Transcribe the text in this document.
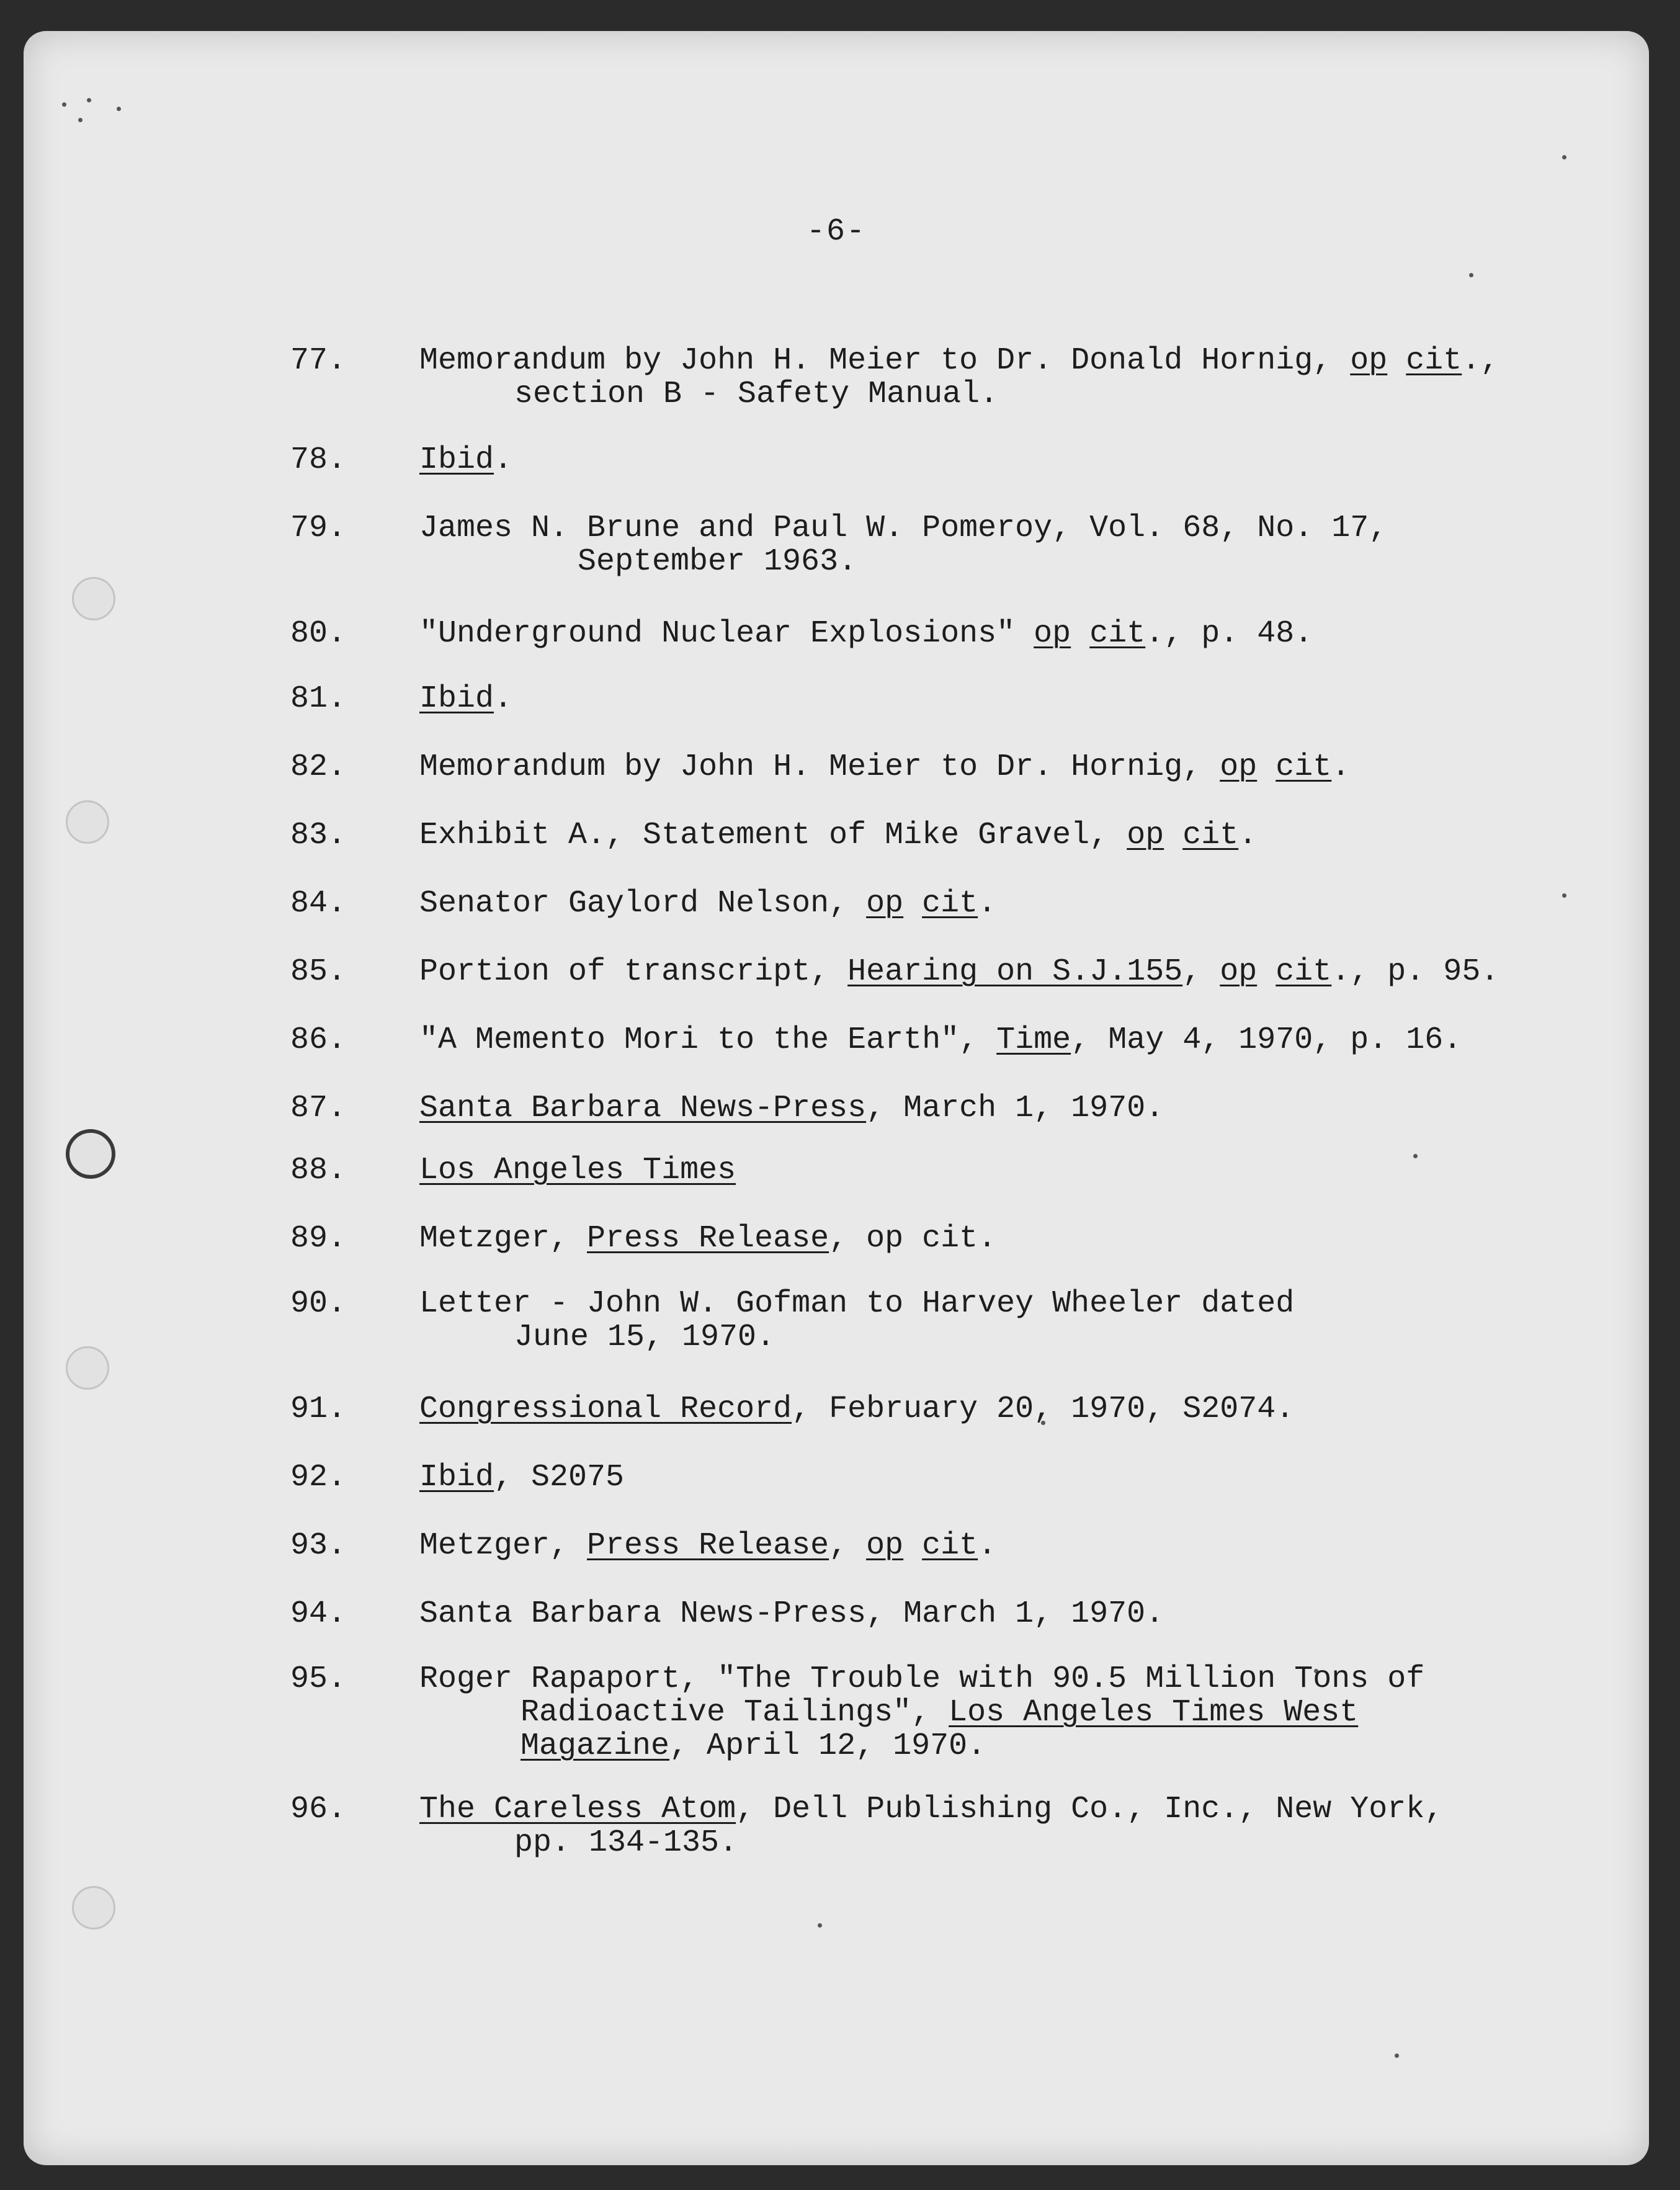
-6-
77. Memorandum by John H. Meier to Dr. Donald Hornig, op cit.,
section B - Safety Manual.
78. Ibid.
79. James N. Brune and Paul W. Pomeroy, Vol. 68, No. 17,
September 1963.
80. "Underground Nuclear Explosions" op cit., p. 48.
81. Ibid.
82. Memorandum by John H. Meier to Dr. Hornig, op cit.
83. Exhibit A., Statement of Mike Gravel, op cit.
84. Senator Gaylord Nelson, op cit.
85. Portion of transcript, Hearing on S.J.155, op cit., p. 95.
86. "A Memento Mori to the Earth", Time, May 4, 1970, p. 16.
87. Santa Barbara News-Press, March 1, 1970.
88. Los Angeles Times
89. Metzger, Press Release, op cit.
90. Letter - John W. Gofman to Harvey Wheeler dated
June 15, 1970.
91. Congressional Record, February 20, 1970, S2074.
92. Ibid, S2075
93. Metzger, Press Release, op cit.
94. Santa Barbara News-Press, March 1, 1970.
95. Roger Rapaport, "The Trouble with 90.5 Million Tons of
Radioactive Tailings", Los Angeles Times West
Magazine, April 12, 1970.
96. The Careless Atom, Dell Publishing Co., Inc., New York,
pp. 134-135.
